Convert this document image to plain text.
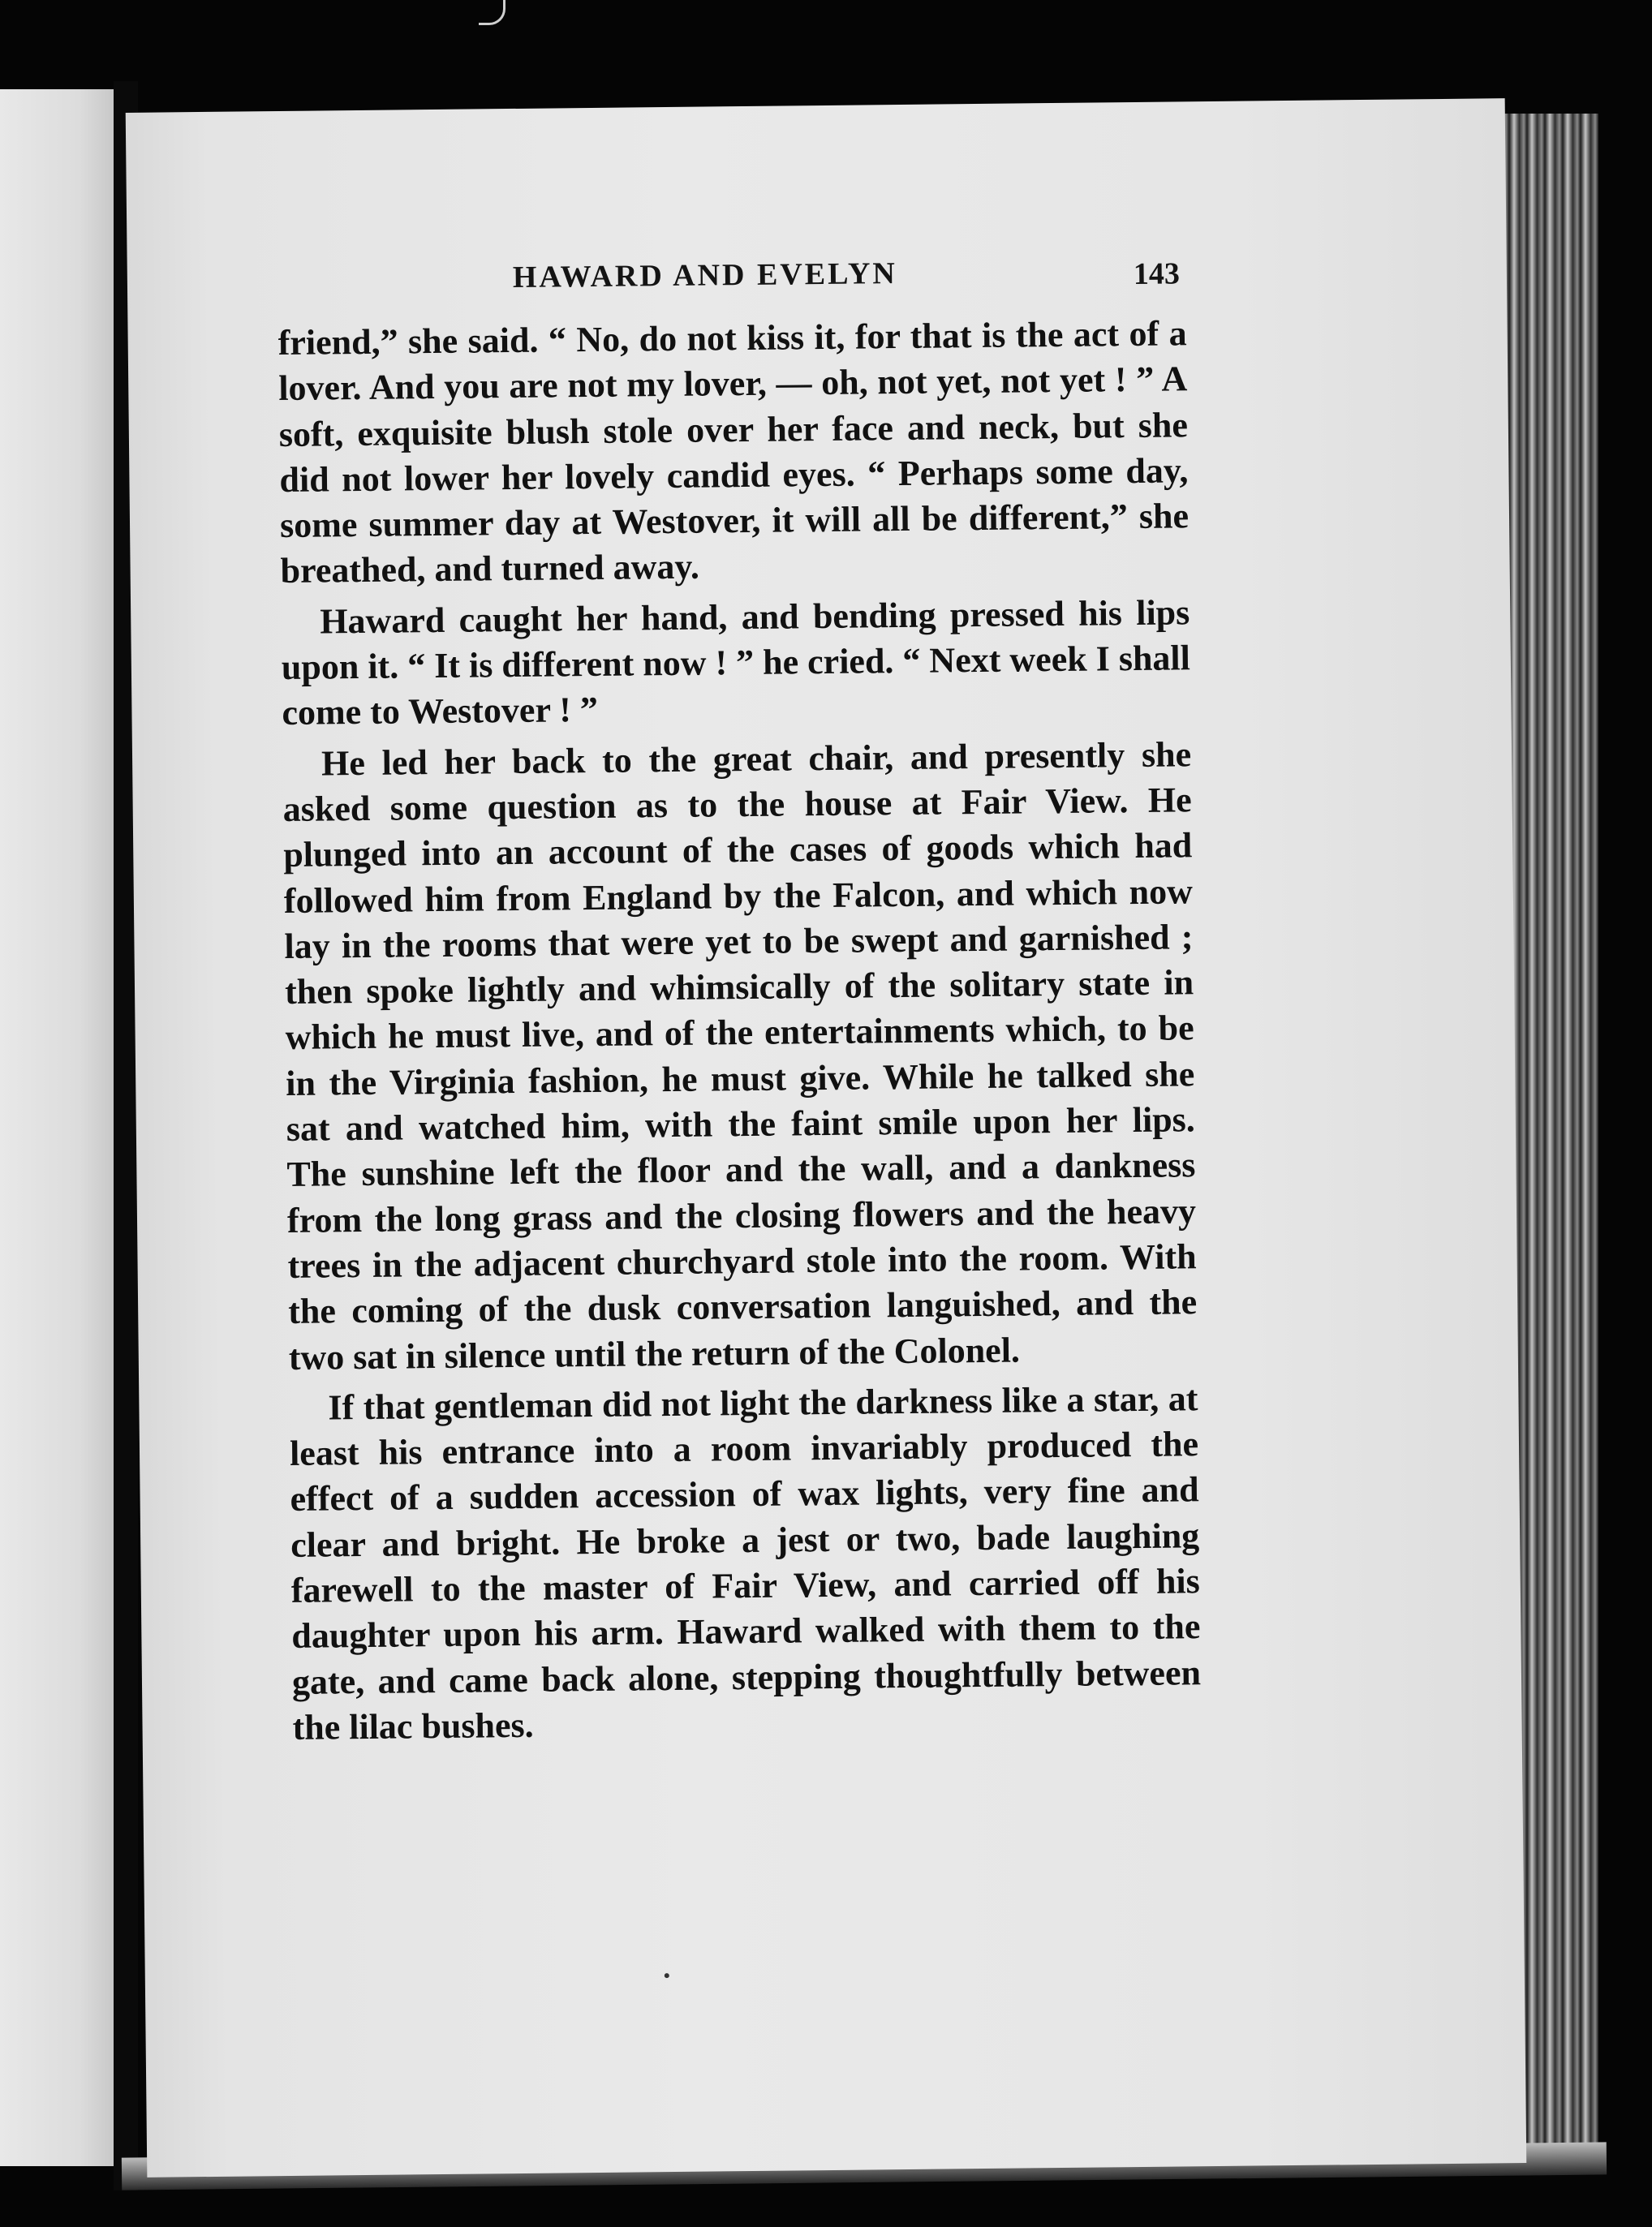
HAWARD AND EVELYN	143

friend,” she said. “ No, do not kiss it, for that is the act of a lover. And you are not my lover, — oh, not yet, not yet ! ” A soft, exquisite blush stole over her face and neck, but she did not lower her lovely candid eyes. “ Perhaps some day, some summer day at Westover, it will all be different,” she breathed, and turned away.

Haward caught her hand, and bending pressed his lips upon it. “ It is different now ! ” he cried. “ Next week I shall come to Westover ! ”

He led her back to the great chair, and presently she asked some question as to the house at Fair View. He plunged into an account of the cases of goods which had followed him from England by the Falcon, and which now lay in the rooms that were yet to be swept and garnished ; then spoke lightly and whimsically of the solitary state in which he must live, and of the entertainments which, to be in the Virginia fashion, he must give. While he talked she sat and watched him, with the faint smile upon her lips. The sunshine left the floor and the wall, and a dankness from the long grass and the closing flowers and the heavy trees in the adjacent churchyard stole into the room. With the coming of the dusk conversation languished, and the two sat in silence until the return of the Colonel.

If that gentleman did not light the darkness like a star, at least his entrance into a room invariably produced the effect of a sudden accession of wax lights, very fine and clear and bright. He broke a jest or two, bade laughing farewell to the master of Fair View, and carried off his daughter upon his arm. Haward walked with them to the gate, and came back alone, stepping thoughtfully between the lilac bushes.
